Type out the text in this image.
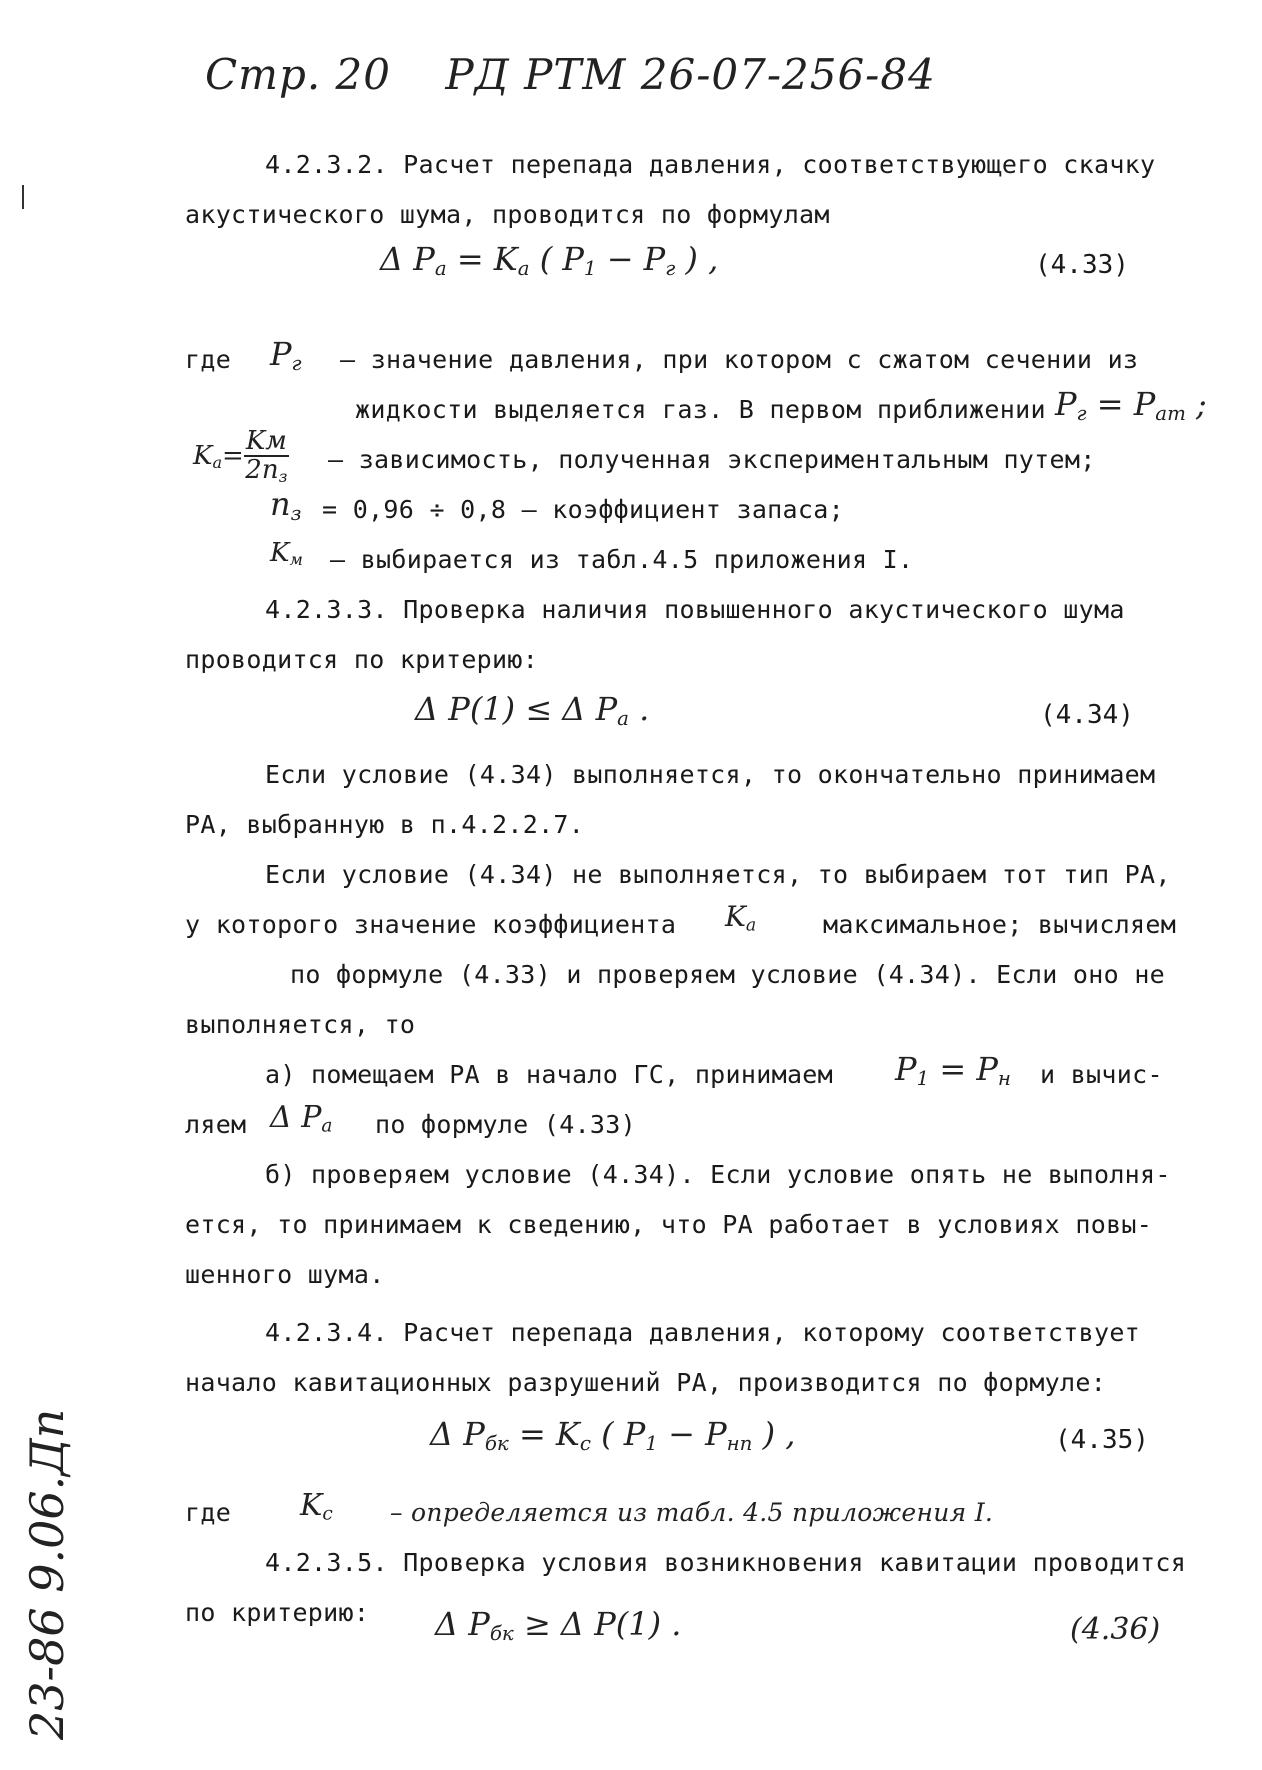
Стр. 20 РД РТМ 26-07-256-84
4.2.3.2. Расчет перепада давления, соответствующего скачку
акустического шума, проводится по формулам
Δ $P_a = K_a$ ( $P_1 - P_г$ ) ,	(4.33)
где $P_г$ – значение давления, при котором с сжатом сечении из
жидкости выделяется газ. В первом приближении $P_г = P_{ат}$ ;
$K_a= \frac{Kм}{2n_з}$ – зависимость, полученная экспериментальным путем;
$n_з = 0,96 \div 0,8$ – коэффициент запаса;
$K_м$ – выбирается из табл.4.5 приложения I.
4.2.3.3. Проверка наличия повышенного акустического шума
проводится по критерию:
Δ P(1) ≤ Δ $P_a$ .	(4.34)
Если условие (4.34) выполняется, то окончательно принимаем
РА, выбранную в п.4.2.2.7.
Если условие (4.34) не выполняется, то выбираем тот тип РА,
у которого значение коэффициента $K_a$	максимальное; вычисляем
по формуле (4.33) и проверяем условие (4.34). Если оно не
выполняется, то
а) помещаем РА в начало ГС, принимаем $P_1 = P_н$ и вычис-
ляем Δ $P_a$ по формуле (4.33)
б) проверяем условие (4.34). Если условие опять не выполня-
ется, то принимаем к сведению, что РА работает в условиях повы-
шенного шума.
4.2.3.4. Расчет перепада давления, которому соответствует
начало кавитационных разрушений РА, производится по формуле:
Δ $P_{бк} = K_c$ ( $P_1 - P_{нп}$ ) ,	(4.35)
где $K_c$ – определяется из табл. 4.5 приложения I.
4.2.3.5. Проверка условия возникновения кавитации проводится
по критерию: Δ $P_{бк} \ge \Delta$ P(1) .	(4.36)
23-86 9.06.Дп
